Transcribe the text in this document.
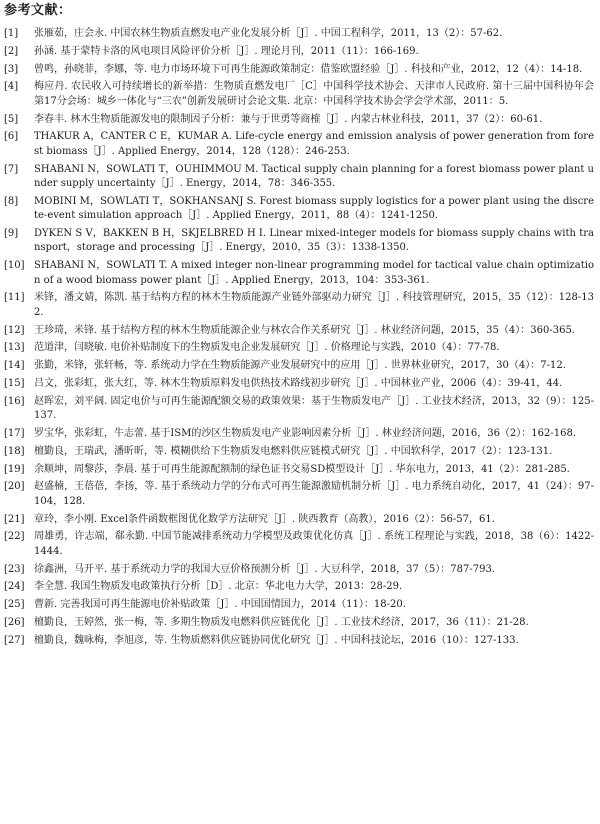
参考文献：
[1]	张雁茹，庄会永. 中国农林生物质直燃发电产业化发展分析［J］. 中国工程科学，2011，13（2）：57-62.
[2]	孙涵. 基于蒙特卡洛的风电项目风险评价分析［J］. 理论月刊，2011（11）：166-169.
[3]	曾鸣，孙晓菲，李娜，等. 电力市场环境下可再生能源政策制定：借鉴欧盟经验［J］. 科技和产业，2012，12（4）：14-18.
[4]	梅应丹. 农民收入可持续增长的新举措：生物质直燃发电厂［C］中国科学技术协会、天津市人民政府. 第十三届中国科协年会第17分会场：城乡一体化与“三农”创新发展研讨会论文集. 北京：中国科学技术协会学会学术部，2011：5.
[5]	李春丰. 林木生物质能源发电的限制因子分析：兼与于世勇等商榷［J］. 内蒙古林业科技，2011，37（2）：60-61.
[6]	THAKUR A，CANTER C E，KUMAR A. Life-cycle energy and emission analysis of power generation from forest biomass［J］. Applied Energy，2014，128（128）：246-253.
[7]	SHABANI N，SOWLATI T，OUHIMMOU M. Tactical supply chain planning for a forest biomass power plant under supply uncertainty［J］. Energy，2014，78：346-355.
[8]	MOBINI M，SOWLATI T，SOKHANSANJ S. Forest biomass supply logistics for a power plant using the discrete-event simulation approach［J］. Applied Energy，2011，88（4）：1241-1250.
[9]	DYKEN S V，BAKKEN B H，SKJELBRED H I. Linear mixed-integer models for biomass supply chains with transport，storage and processing［J］. Energy，2010，35（3）：1338-1350.
[10] SHABANI N，SOWLATI T. A mixed integer non-linear programming model for tactical value chain optimization of a wood biomass power plant［J］. Applied Energy，2013，104：353-361.
[11] 米锋，潘文婧，陈凯. 基于结构方程的林木生物质能源产业链外部驱动力研究［J］. 科技管理研究，2015，35（12）：128-132.
[12] 王珍琦，米锋. 基于结构方程的林木生物质能源企业与林农合作关系研究［J］. 林业经济问题，2015，35（4）：360-365.
[13] 范道津，闫晓敏. 电价补贴制度下的生物质发电企业发展研究［J］. 价格理论与实践，2010（4）：77-78.
[14] 张勤，米锋，张轩畅，等. 系统动力学在生物质能源产业发展研究中的应用［J］. 世界林业研究，2017，30（4）：7-12.
[15] 吕文，张彩虹，张大红，等. 林木生物质原料发电供热技术路线初步研究［J］. 中国林业产业，2006（4）：39-41，44.
[16] 赵晖宏，刘平阔. 固定电价与可再生能源配额交易的政策效果：基于生物质发电产［J］. 工业技术经济，2013，32（9）：125-137.
[17] 罗宝华，张彩虹，牛志蕾. 基于ISM的沙区生物质发电产业影响因素分析［J］. 林业经济问题，2016，36（2）：162-168.
[18] 檀勤良，王瑞武，潘昕昕，等. 模糊供给下生物质发电燃料供应链模式研究［J］. 中国软科学，2017（2）：123-131.
[19] 余顺坤，周黎莎，李晨. 基于可再生能源配额制的绿色证书交易SD模型设计［J］. 华东电力，2013，41（2）：281-285.
[20] 赵盛楠，王蓓蓓，李扬，等. 基于系统动力学的分布式可再生能源激励机制分析［J］. 电力系统自动化，2017，41（24）：97-104，128.
[21] 章玲，李小刚. Excel条件函数框图优化数学方法研究［J］. 陕西教育（高教），2016（2）：56-57，61.
[22] 周雄勇，许志端，郗永勤. 中国节能减排系统动力学模型及政策优化仿真［J］. 系统工程理论与实践，2018，38（6）：1422-1444.
[23] 徐鑫洲，马开平. 基于系统动力学的我国大豆价格预测分析［J］. 大豆科学，2018，37（5）：787-793.
[24] 李全慧. 我国生物质发电政策执行分析［D］. 北京：华北电力大学，2013：28-29.
[25] 曹新. 完善我国可再生能源电价补贴政策［J］. 中国国情国力，2014（11）：18-20.
[26] 檀勤良，王婷然，张一梅，等. 多期生物质发电燃料供应链优化［J］. 工业技术经济，2017，36（11）：21-28.
[27] 檀勤良，魏咏梅，李旭彦，等. 生物质燃料供应链协同优化研究［J］. 中国科技论坛，2016（10）：127-133.
